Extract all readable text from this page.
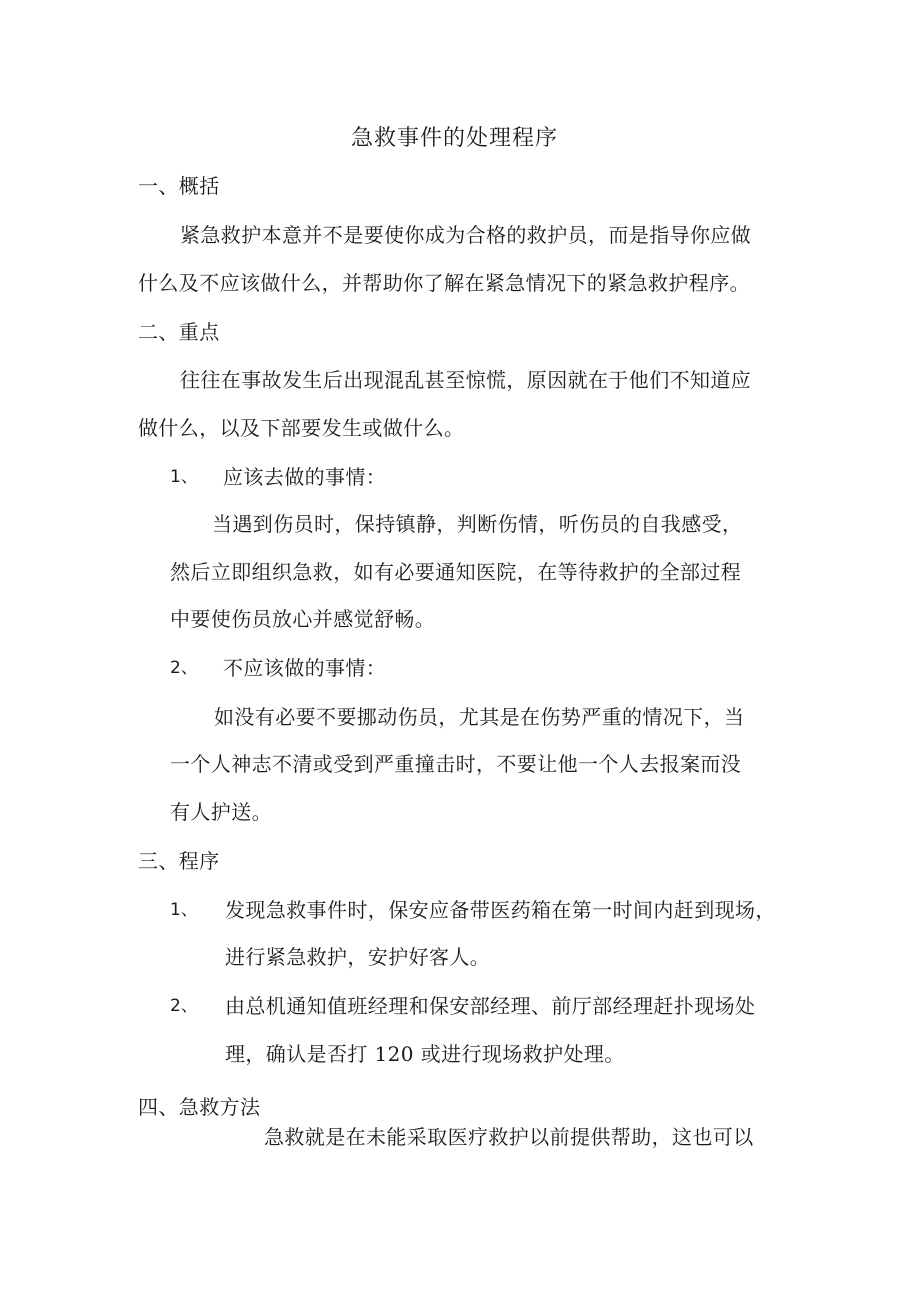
急救事件的处理程序
一、概括
紧急救护本意并不是要使你成为合格的救护员，而是指导你应做
什么及不应该做什么，并帮助你了解在紧急情况下的紧急救护程序。
二、重点
往往在事故发生后出现混乱甚至惊慌，原因就在于他们不知道应
做什么，以及下部要发生或做什么。
1、 应该去做的事情：
当遇到伤员时，保持镇静，判断伤情，听伤员的自我感受，
然后立即组织急救，如有必要通知医院，在等待救护的全部过程
中要使伤员放心并感觉舒畅。
2、 不应该做的事情：
如没有必要不要挪动伤员，尤其是在伤势严重的情况下，当
一个人神志不清或受到严重撞击时，不要让他一个人去报案而没
有人护送。
三、程序
1、 发现急救事件时，保安应备带医药箱在第一时间内赶到现场，
进行紧急救护，安护好客人。
2、 由总机通知值班经理和保安部经理、前厅部经理赶扑现场处
理，确认是否打 120 或进行现场救护处理。
四、急救方法
急救就是在未能采取医疗救护以前提供帮助，这也可以
